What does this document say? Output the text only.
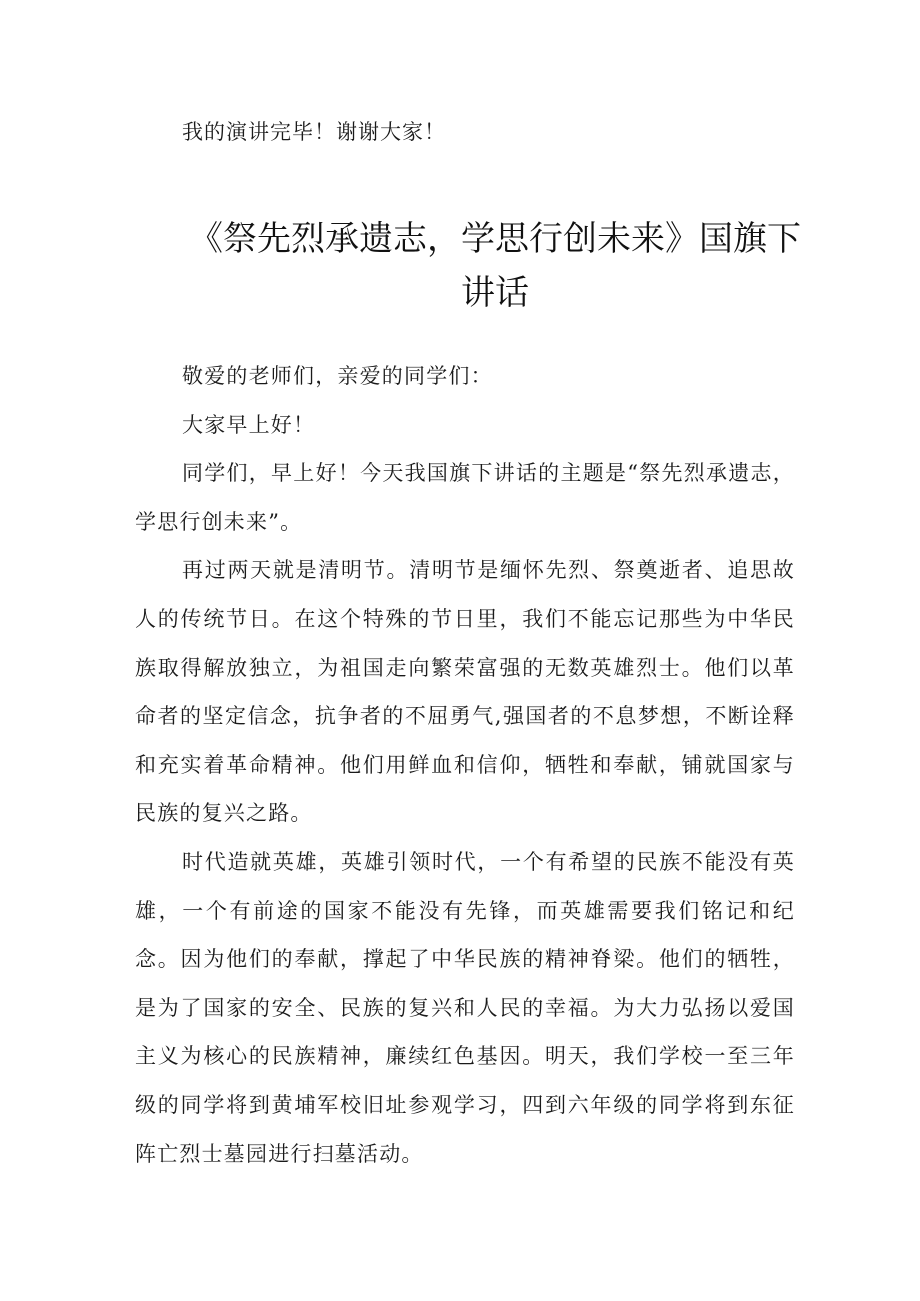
我的演讲完毕！谢谢大家！
《祭先烈承遗志，学思行创未来》国旗下
讲话

敬爱的老师们，亲爱的同学们：

大家早上好！

同学们，早上好！今天我国旗下讲话的主题是“祭先烈承遗志，学思行创未来”。

再过两天就是清明节。清明节是缅怀先烈、祭奠逝者、追思故人的传统节日。在这个特殊的节日里，我们不能忘记那些为中华民族取得解放独立，为祖国走向繁荣富强的无数英雄烈士。他们以革命者的坚定信念，抗争者的不屈勇气,强国者的不息梦想，不断诠释和充实着革命精神。他们用鲜血和信仰，牺牲和奉献，铺就国家与民族的复兴之路。

时代造就英雄，英雄引领时代，一个有希望的民族不能没有英雄，一个有前途的国家不能没有先锋，而英雄需要我们铭记和纪念。因为他们的奉献，撑起了中华民族的精神脊梁。他们的牺牲，是为了国家的安全、民族的复兴和人民的幸福。为大力弘扬以爱国主义为核心的民族精神，廉续红色基因。明天，我们学校一至三年级的同学将到黄埔军校旧址参观学习，四到六年级的同学将到东征阵亡烈士墓园进行扫墓活动。
